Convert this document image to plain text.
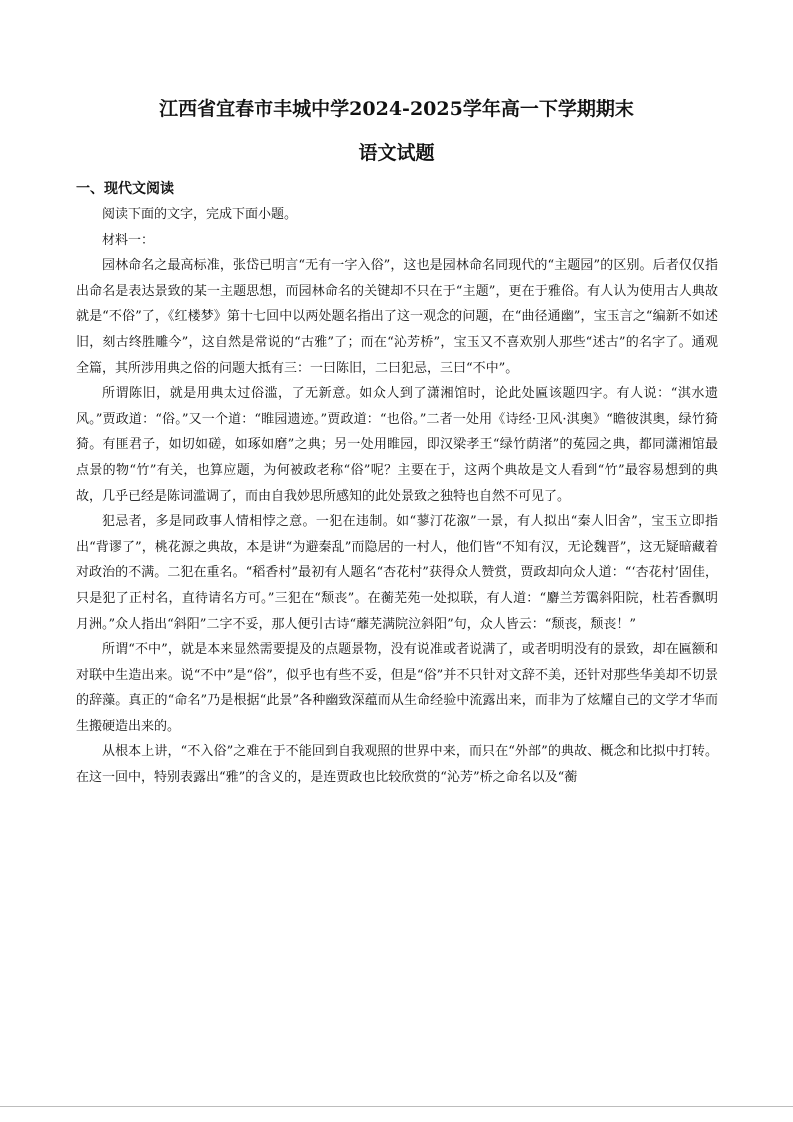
江西省宜春市丰城中学2024-2025学年高一下学期期末
语文试题
一、现代文阅读

阅读下面的文字，完成下面小题。

材料一：

园林命名之最高标准，张岱已明言“无有一字入俗”，这也是园林命名同现代的“主题园”的区别。后者仅仅指出命名是表达景致的某一主题思想，而园林命名的关键却不只在于“主题”，更在于雅俗。有人认为使用古人典故就是“不俗”了，《红楼梦》第十七回中以两处题名指出了这一观念的问题，在“曲径通幽”，宝玉言之“编新不如述旧，刻古终胜雕今”，这自然是常说的“古雅”了；而在“沁芳桥”，宝玉又不喜欢别人那些“述古”的名字了。通观全篇，其所涉用典之俗的问题大抵有三：一曰陈旧，二曰犯忌，三曰“不中”。

所谓陈旧，就是用典太过俗滥，了无新意。如众人到了潇湘馆时，论此处匾该题四字。有人说：“淇水遗风。”贾政道：“俗。”又一个道：“睢园遗迹。”贾政道：“也俗。”二者一处用《诗经·卫风·淇奥》“瞻彼淇奥，绿竹猗猗。有匪君子，如切如磋，如琢如磨”之典；另一处用睢园，即汉梁孝王“绿竹荫渚”的菟园之典，都同潇湘馆最点景的物“竹”有关，也算应题，为何被政老称“俗”呢？主要在于，这两个典故是文人看到“竹”最容易想到的典故，几乎已经是陈词滥调了，而由自我妙思所感知的此处景致之独特也自然不可见了。

犯忌者，多是同政事人情相悖之意。一犯在违制。如“蓼汀花溆”一景，有人拟出“秦人旧舍”，宝玉立即指出“背谬了”，桃花源之典故，本是讲“为避秦乱”而隐居的一村人，他们皆“不知有汉，无论魏晋”，这无疑暗藏着对政治的不满。二犯在重名。“稻香村”最初有人题名“杏花村”获得众人赞赏，贾政却向众人道：“‘杏花村’固佳，只是犯了正村名，直待请名方可。”三犯在“颓丧”。在蘅芜苑一处拟联，有人道：“麝兰芳霭斜阳院，杜若香飘明月洲。”众人指出“斜阳”二字不妥，那人便引古诗“蘼芜满院泣斜阳”句，众人皆云：“颓丧，颓丧！”

所谓“不中”，就是本来显然需要提及的点题景物，没有说准或者说满了，或者明明没有的景致，却在匾额和对联中生造出来。说“不中”是“俗”，似乎也有些不妥，但是“俗”并不只针对文辞不美，还针对那些华美却不切景的辞藻。真正的“命名”乃是根据“此景”各种幽致深蕴而从生命经验中流露出来，而非为了炫耀自己的文学才华而生搬硬造出来的。

从根本上讲，“不入俗”之难在于不能回到自我观照的世界中来，而只在“外部”的典故、概念和比拟中打转。在这一回中，特别表露出“雅”的含义的，是连贾政也比较欣赏的“沁芳”桥之命名以及“蘅
